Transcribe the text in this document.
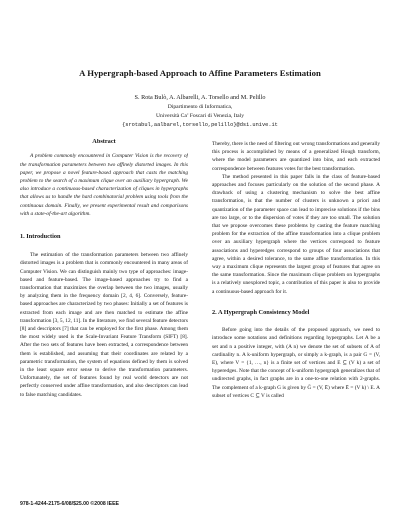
A Hypergraph-based Approach to Affine Parameters Estimation
S. Rota Bulò, A. Albarelli, A. Torsello and M. Pelillo
Dipartimento di Informatica,
Università Ca’ Foscari di Venezia, Italy
{srotabul,aalbarel,torsello,pelillo}@dsi.unive.it
Abstract

A problem commonly encountered in Computer Vision is the recovery of the transformation parameters between two affinely distorted images. In this paper, we propose a novel feature-based approach that casts the matching problem to the search of a maximum clique over an auxiliary hypergraph. We also introduce a continuous-based characterization of cliques in hypergraphs that allows us to handle the hard combinatorial problem using tools from the continuous domain. Finally, we present experimental result and comparisons with a state-of-the-art algorithm.

1. Introduction

The estimation of the transformation parameters between two affinely distorted images is a problem that is commonly encountered in many areas of Computer Vision. We can distinguish mainly two type of approaches: image-based and feature-based. The image-based approaches try to find a transformation that maximizes the overlap between the two images, usually by analyzing them in the frequency domain [2, 4, 6]. Conversely, feature-based approaches are characterized by two phases: Initially a set of features is extracted from each image and are then matched to estimate the affine transformation [3, 5, 12, 11]. In the literature, we find several feature detectors [8] and descriptors [7] that can be employed for the first phase. Among them the most widely used is the Scale-Invariant Feature Transform (SIFT) [8]. After the two sets of features have been extracted, a correspondence between them is established, and assuming that their coordinates are related by a parametric transformation, the system of equations defined by them is solved in the least square error sense to derive the transformation parameters. Unfortunately, the set of features found by real world detectors are not perfectly conserved under affine transformation, and also descriptors can lead to false matching candidates.

Thereby, there is the need of filtering out wrong transformations and generally this process is accomplished by means of a generalized Hough transform, where the model parameters are quantized into bins, and each extracted correspondence between features votes for the best transformation.

The method presented in this paper falls in the class of feature-based approaches and focuses particularly on the solution of the second phase. A drawback of using a clustering mechanism to solve the best affine transformation, is that the number of clusters is unknown a priori and quantization of the parameter space can lead to imprecise solutions if the bins are too large, or to the dispersion of votes if they are too small. The solution that we propose overcomes these problems by casting the feature matching problem for the extraction of the affine transformation into a clique problem over an auxiliary hypergraph where the vertices correspond to feature associations and hyperedges correspond to groups of four associations that agree, within a desired tolerance, to the same affine transformation. In this way a maximum clique represents the largest group of features that agree on the same transformation. Since the maximum clique problem on hypergraphs is a relatively unexplored topic, a contribution of this paper is also to provide a continuous-based approach for it.

2. A Hypergraph Consistency Model

Before going into the details of the proposed approach, we need to introduce some notations and definitions regarding hypergraphs. Let A be a set and n a positive integer, with (A n) we denote the set of subsets of A of cardinality n. A k-uniform hypergraph, or simply a k-graph, is a pair G = (V, E), where V = {1, …, n} is a finite set of vertices and E ⊆ (V k) a set of hyperedges. Note that the concept of k-uniform hypergraph generalizes that of undirected graphs, in fact graphs are in a one-to-one relation with 2-graphs. The complement of a k-graph G is given by Ḡ = (V, Ē) where Ē = (V k) \ E. A subset of vertices C ⊆ V is called

978-1-4244-2175-6/08/$25.00 ©2008 IEEE
